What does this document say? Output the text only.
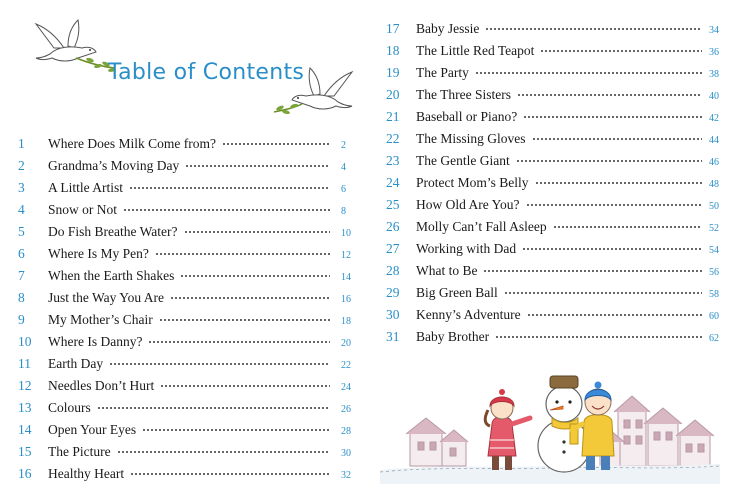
Table of Contents
1 Where Does Milk Come from?	2
2 Grandma’s Moving Day	4
3 A Little Artist	6
4 Snow or Not	8
5 Do Fish Breathe Water?	10
6 Where Is My Pen?	12
7 When the Earth Shakes	14
8 Just the Way You Are	16
9 My Mother’s Chair	18
10 Where Is Danny?	20
11 Earth Day	22
12 Needles Don’t Hurt	24
13 Colours	26
14 Open Your Eyes	28
15 The Picture	30
16 Healthy Heart	32
17 Baby Jessie	34
18 The Little Red Teapot	36
19 The Party	38
20 The Three Sisters	40
21 Baseball or Piano?	42
22 The Missing Gloves	44
23 The Gentle Giant	46
24 Protect Mom’s Belly	48
25 How Old Are You?	50
26 Molly Can’t Fall Asleep	52
27 Working with Dad	54
28 What to Be	56
29 Big Green Ball	58
30 Kenny’s Adventure	60
31 Baby Brother	62
